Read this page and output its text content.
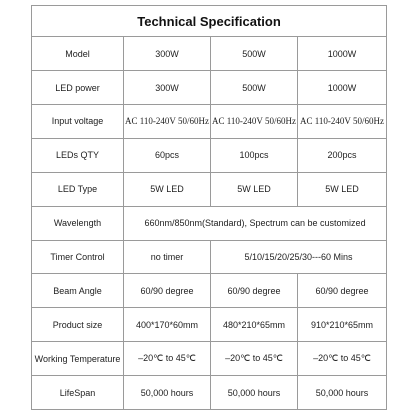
Technical Specification			
Model	300W	500W	1000W
LED power	300W	500W	1000W
Input voltage	AC 110-240V 50/60Hz	AC 110-240V 50/60Hz	AC 110-240V 50/60Hz
LEDs QTY	60pcs	100pcs	200pcs
LED Type	5W LED	5W LED	5W LED
Wavelength	660nm/850nm(Standard), Spectrum can be customized		
Timer Control	no timer	5/10/15/20/25/30---60 Mins	
Beam Angle	60/90 degree	60/90 degree	60/90 degree
Product size	400*170*60mm	480*210*65mm	910*210*65mm
Working Temperature	–20℃ to 45℃	–20℃ to 45℃	–20℃ to 45℃
LifeSpan	50,000 hours	50,000 hours	50,000 hours
